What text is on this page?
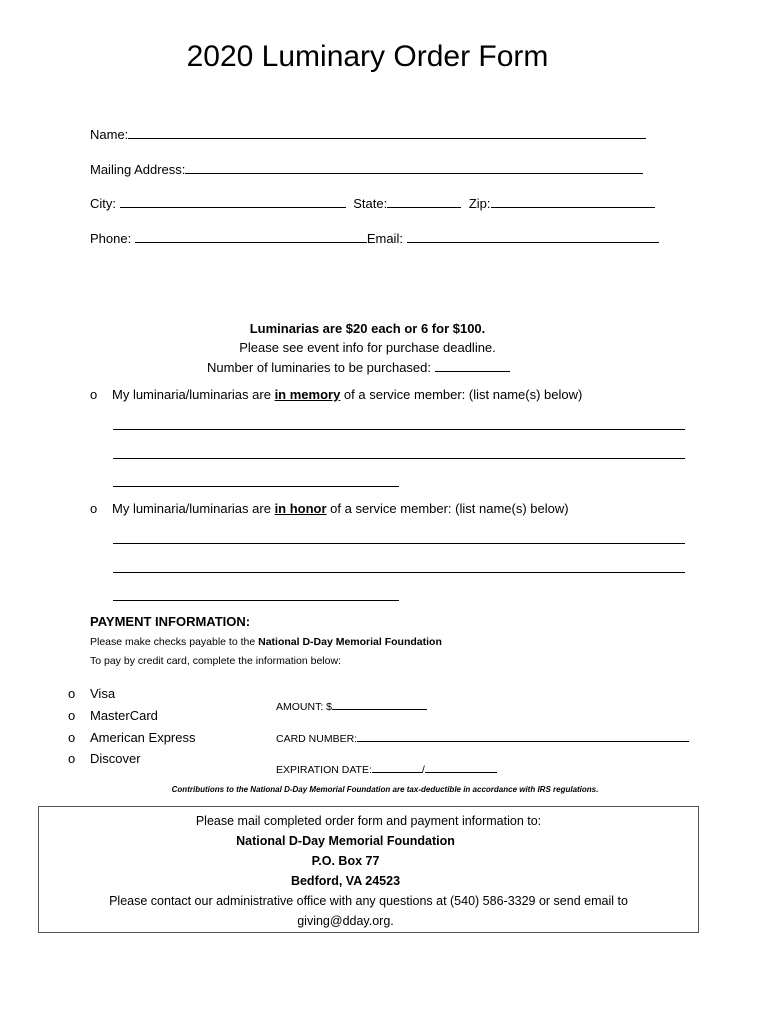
2020 Luminary Order Form
Name:
Mailing Address:
City:	State:	Zip:
Phone:	Email:
Luminarias are $20 each or 6 for $100.
Please see event info for purchase deadline.
Number of luminaries to be purchased:
o My luminaria/luminarias are in memory of a service member: (list name(s) below)
o My luminaria/luminarias are in honor of a service member: (list name(s) below)
PAYMENT INFORMATION:
Please make checks payable to the National D-Day Memorial Foundation
To pay by credit card, complete the information below:
o Visa
o MasterCard
o American Express
o Discover
AMOUNT: $
CARD NUMBER:
EXPIRATION DATE:	/
Contributions to the National D-Day Memorial Foundation are tax-deductible in accordance with IRS regulations.
Please mail completed order form and payment information to:
National D-Day Memorial Foundation
P.O. Box 77
Bedford, VA 24523
Please contact our administrative office with any questions at (540) 586-3329 or send email to
giving@dday.org.
